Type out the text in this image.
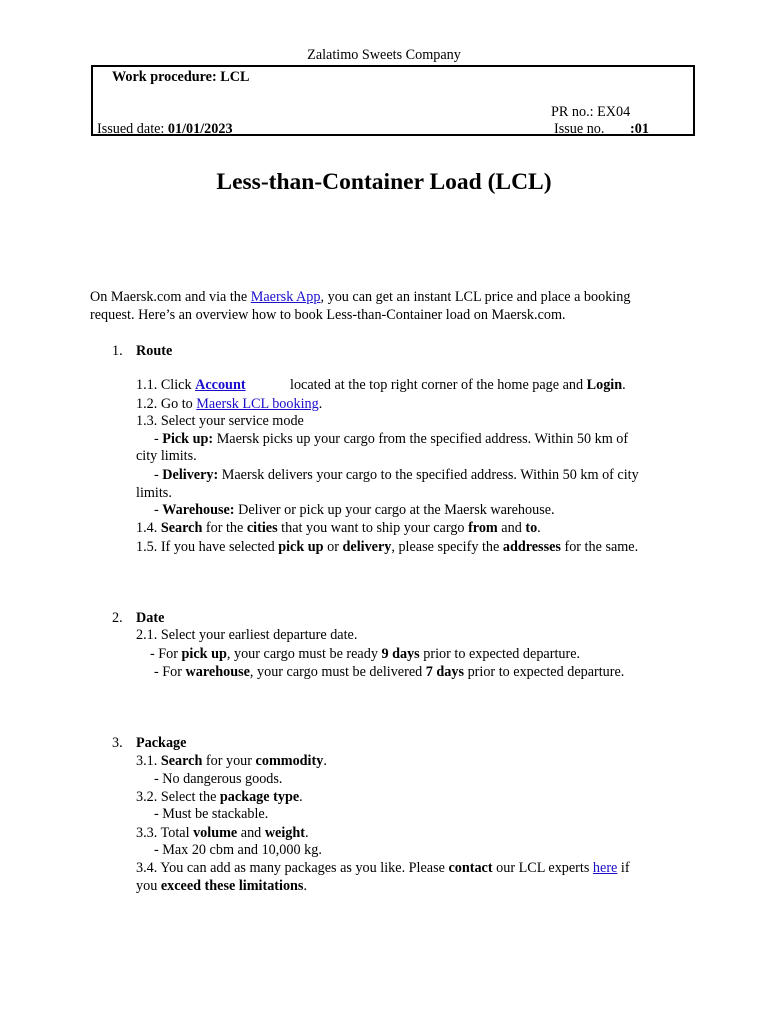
Zalatimo Sweets Company
Work procedure: LCL
PR no.: EX04
Issued date: 01/01/2023	Issue no. :01
Less-than-Container Load (LCL)
On Maersk.com and via the Maersk App, you can get an instant LCL price and place a booking
request. Here’s an overview how to book Less-than-Container load on Maersk.com.
1. Route
1.1. Click Account	located at the top right corner of the home page and Login.
1.2. Go to Maersk LCL booking.
1.3. Select your service mode
- Pick up: Maersk picks up your cargo from the specified address. Within 50 km of
city limits.
- Delivery: Maersk delivers your cargo to the specified address. Within 50 km of city
limits.
- Warehouse: Deliver or pick up your cargo at the Maersk warehouse.
1.4. Search for the cities that you want to ship your cargo from and to.
1.5. If you have selected pick up or delivery, please specify the addresses for the same.
2. Date
2.1. Select your earliest departure date.
- For pick up, your cargo must be ready 9 days prior to expected departure.
- For warehouse, your cargo must be delivered 7 days prior to expected departure.
3. Package
3.1. Search for your commodity.
- No dangerous goods.
3.2. Select the package type.
- Must be stackable.
3.3. Total volume and weight.
- Max 20 cbm and 10,000 kg.
3.4. You can add as many packages as you like. Please contact our LCL experts here if
you exceed these limitations.
